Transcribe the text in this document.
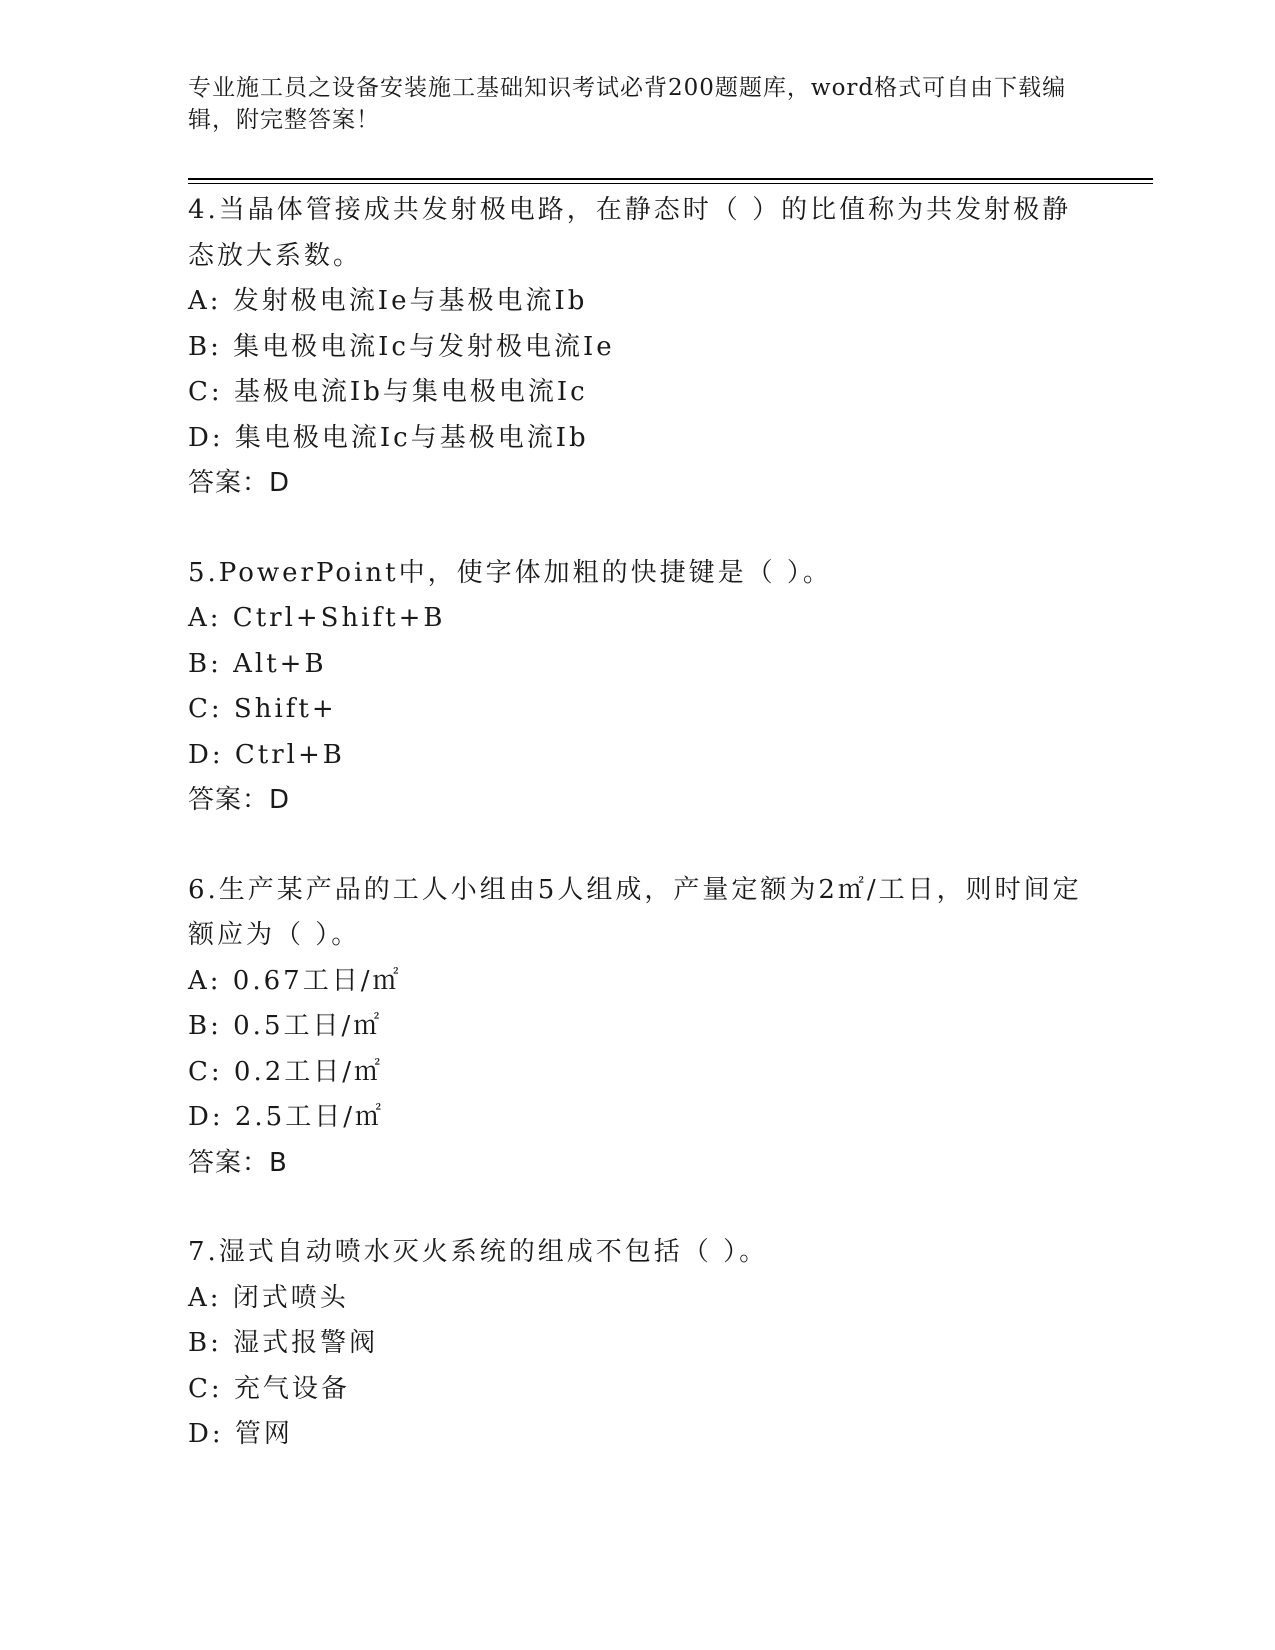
专业施工员之设备安装施工基础知识考试必背200题题库，word格式可自由下载编辑，附完整答案！

4.当晶体管接成共发射极电路，在静态时（ ）的比值称为共发射极静态放大系数。

A: 发射极电流Ie与基极电流Ib

B: 集电极电流Ic与发射极电流Ie

C: 基极电流Ib与集电极电流Ic

D: 集电极电流Ic与基极电流Ib

答案：D

5.PowerPoint中，使字体加粗的快捷键是（ ）。

A: Ctrl+Shift+B

B: Alt+B

C: Shift+

D: Ctrl+B

答案：D

6.生产某产品的工人小组由5人组成，产量定额为2㎡/工日，则时间定额应为（ ）。

A: 0.67工日/㎡

B: 0.5工日/㎡

C: 0.2工日/㎡

D: 2.5工日/㎡

答案：B

7.湿式自动喷水灭火系统的组成不包括（ ）。

A: 闭式喷头

B: 湿式报警阀

C: 充气设备

D: 管网
